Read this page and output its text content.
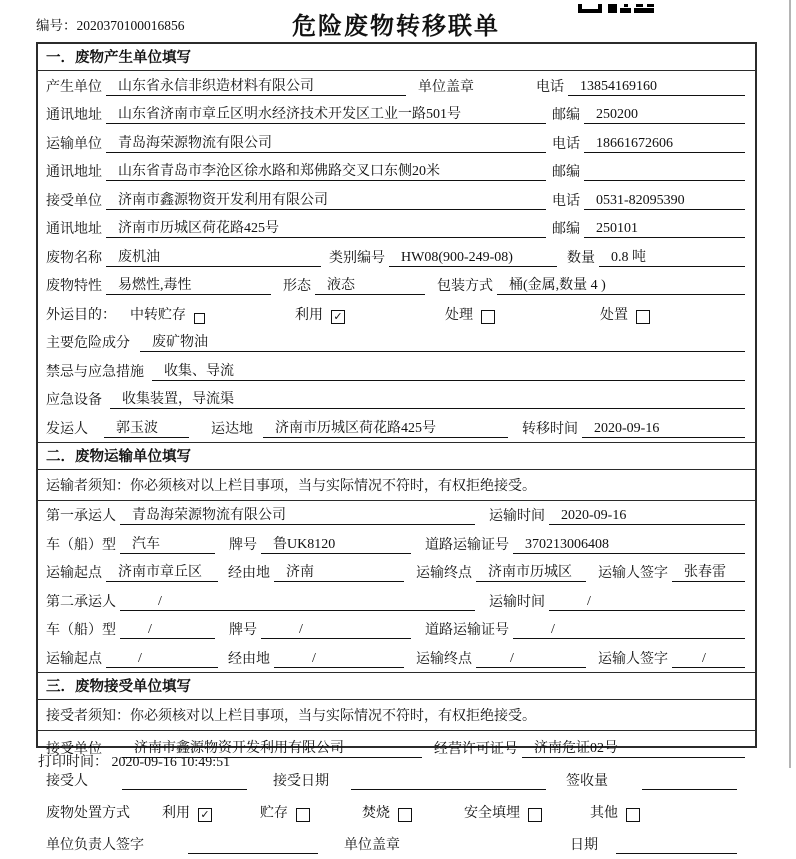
编号：2020370100016856	危险废物转移联单
一．废物产生单位填写
产生单位	山东省永信非织造材料有限公司	单位盖章	电话	13854169160
通讯地址	山东省济南市章丘区明水经济技术开发区工业一路501号	邮编	250200
运输单位	青岛海荣源物流有限公司	电话	18661672606
通讯地址	山东省青岛市李沧区徐水路和郑佛路交叉口东侧20米	邮编
接受单位	济南市鑫源物资开发利用有限公司	电话	0531-82095390
通讯地址	济南市历城区荷花路425号	邮编	250101
废物名称	废机油	类别编号	HW08(900-249-08)	数量	0.8 吨
废物特性	易燃性,毒性	形态	液态	包装方式	桶(金属,数量 4 )
外运目的： 中转贮存	利用 ✓	处理	处置
主要危险成分	废矿物油
禁忌与应急措施	收集、导流
应急设备	收集装置，导流渠
发运人	郭玉波	运达地	济南市历城区荷花路425号	转移时间	2020-09-16
二．废物运输单位填写
运输者须知： 你必须核对以上栏目事项，当与实际情况不符时，有权拒绝接受。
第一承运人	青岛海荣源物流有限公司	运输时间	2020-09-16
车（船）型	汽车	牌号	鲁UK8120	道路运输证号	370213006408
运输起点	济南市章丘区	经由地	济南	运输终点	济南市历城区	运输人签字	张春雷
第二承运人	/	运输时间	/
车（船）型	/	牌号	/	道路运输证号	/
运输起点	/	经由地	/	运输终点	/	运输人签字	/
三．废物接受单位填写
接受者须知： 你必须核对以上栏目事项，当与实际情况不符时，有权拒绝接受。
接受单位	济南市鑫源物资开发利用有限公司	经营许可证号	济南危证02号
接受人	接受日期	签收量
废物处置方式 利用 ✓	贮存	焚烧	安全填埋	其他
单位负责人签字	单位盖章	日期
打印时间： 2020-09-16 10:49:51
